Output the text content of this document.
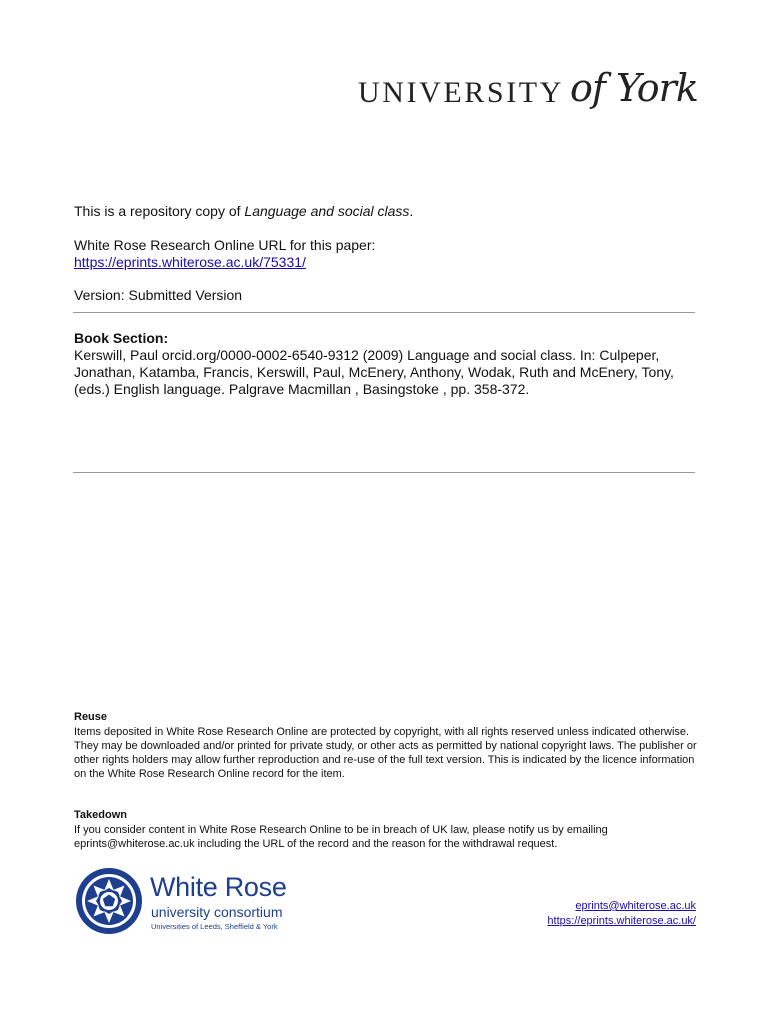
UNIVERSITY of York
This is a repository copy of Language and social class.
White Rose Research Online URL for this paper:
https://eprints.whiterose.ac.uk/75331/
Version: Submitted Version
Book Section:
Kerswill, Paul orcid.org/0000-0002-6540-9312 (2009) Language and social class. In: Culpeper, Jonathan, Katamba, Francis, Kerswill, Paul, McEnery, Anthony, Wodak, Ruth and McEnery, Tony, (eds.) English language. Palgrave Macmillan , Basingstoke , pp. 358-372.
Reuse
Items deposited in White Rose Research Online are protected by copyright, with all rights reserved unless indicated otherwise. They may be downloaded and/or printed for private study, or other acts as permitted by national copyright laws. The publisher or other rights holders may allow further reproduction and re-use of the full text version. This is indicated by the licence information on the White Rose Research Online record for the item.
Takedown
If you consider content in White Rose Research Online to be in breach of UK law, please notify us by emailing eprints@whiterose.ac.uk including the URL of the record and the reason for the withdrawal request.
White Rose
university consortium
Universities of Leeds, Sheffield & York
eprints@whiterose.ac.uk
https://eprints.whiterose.ac.uk/
